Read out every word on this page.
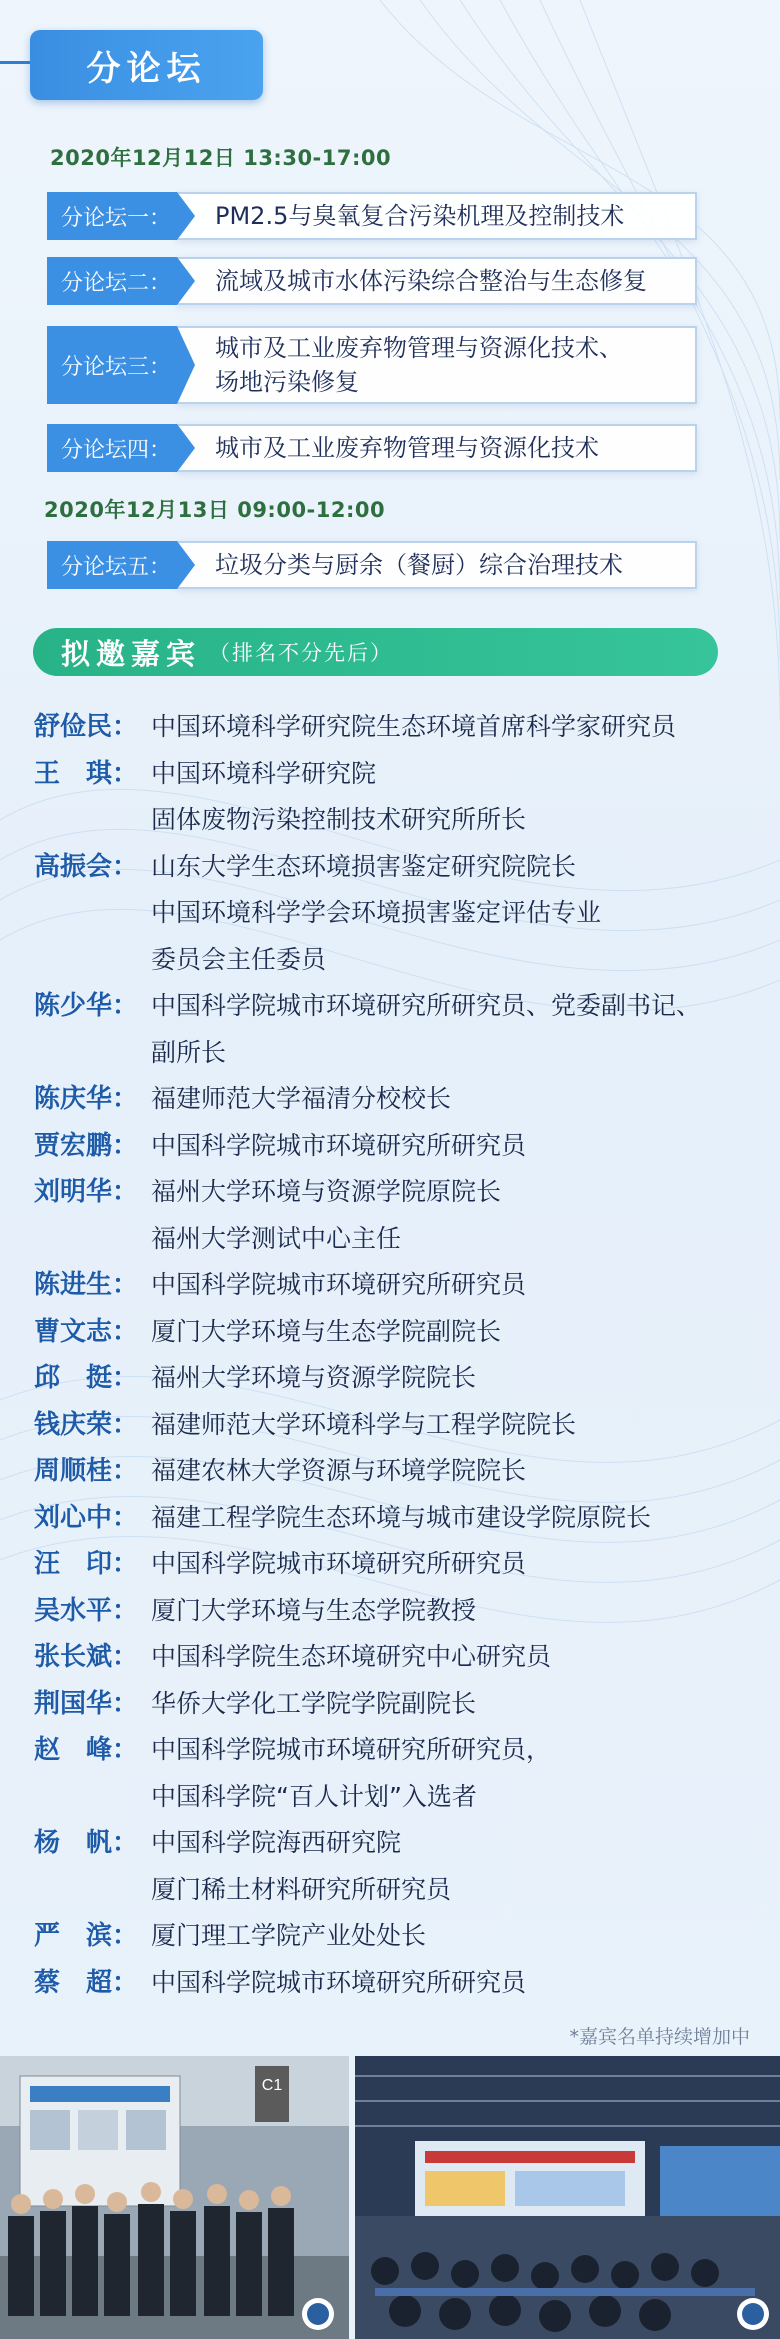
分论坛
2020年12月12日 13:30-17:00
分论坛一： PM2.5与臭氧复合污染机理及控制技术
分论坛二： 流域及城市水体污染综合整治与生态修复
分论坛三：
城市及工业废弃物管理与资源化技术、
场地污染修复
分论坛四： 城市及工业废弃物管理与资源化技术
2020年12月13日 09:00-12:00
分论坛五： 垃圾分类与厨余（餐厨）综合治理技术
拟邀嘉宾 （排名不分先后）
舒俭民： 中国环境科学研究院生态环境首席科学家研究员
王　琪： 中国环境科学研究院
固体废物污染控制技术研究所所长
高振会： 山东大学生态环境损害鉴定研究院院长
中国环境科学学会环境损害鉴定评估专业
委员会主任委员
陈少华： 中国科学院城市环境研究所研究员、党委副书记、
副所长
陈庆华： 福建师范大学福清分校校长
贾宏鹏： 中国科学院城市环境研究所研究员
刘明华： 福州大学环境与资源学院原院长
福州大学测试中心主任
陈进生： 中国科学院城市环境研究所研究员
曹文志： 厦门大学环境与生态学院副院长
邱　挺： 福州大学环境与资源学院院长
钱庆荣： 福建师范大学环境科学与工程学院院长
周顺桂： 福建农林大学资源与环境学院院长
刘心中： 福建工程学院生态环境与城市建设学院原院长
汪　印： 中国科学院城市环境研究所研究员
吴水平： 厦门大学环境与生态学院教授
张长斌： 中国科学院生态环境研究中心研究员
荆国华： 华侨大学化工学院学院副院长
赵　峰： 中国科学院城市环境研究所研究员，
中国科学院“百人计划”入选者
杨　帆： 中国科学院海西研究院
厦门稀土材料研究所研究员
严　滨： 厦门理工学院产业处处长
蔡　超： 中国科学院城市环境研究所研究员
*嘉宾名单持续增加中
C1
